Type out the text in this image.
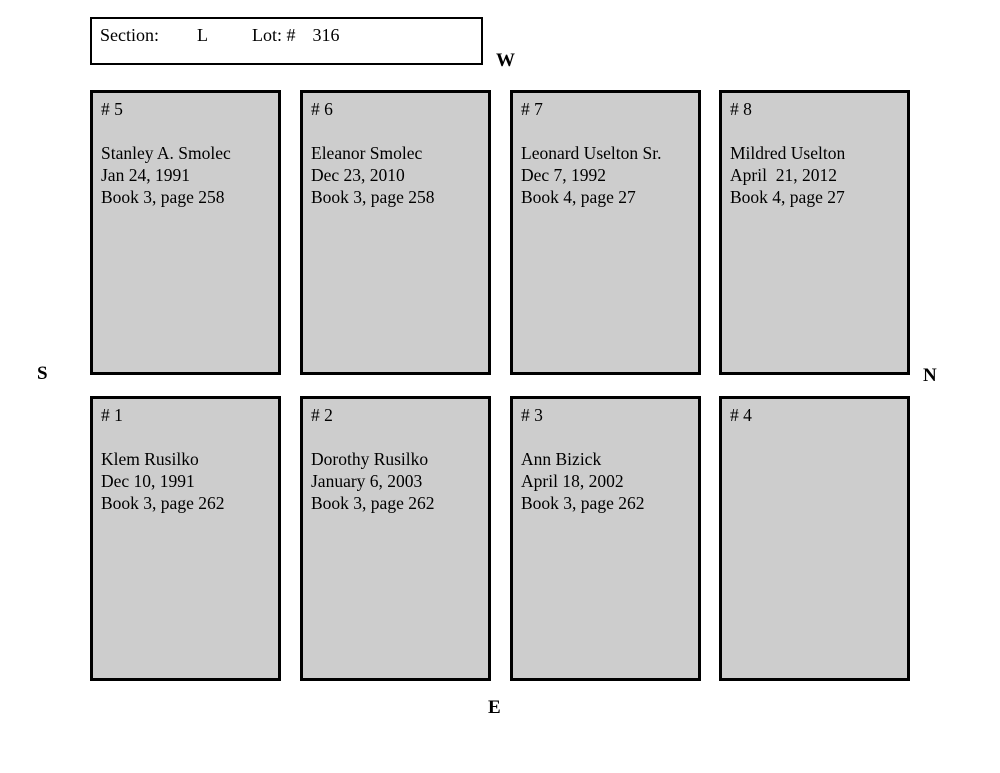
Section: L Lot: # 316
W
S	N
E
# 5
Stanley A. Smolec
Jan 24, 1991
Book 3, page 258
# 6
Eleanor Smolec
Dec 23, 2010
Book 3, page 258
# 7
Leonard Uselton Sr.
Dec 7, 1992
Book 4, page 27
# 8
Mildred Uselton
April  21, 2012
Book 4, page 27
# 1
Klem Rusilko
Dec 10, 1991
Book 3, page 262
# 2
Dorothy Rusilko
January 6, 2003
Book 3, page 262
# 3
Ann Bizick
April 18, 2002
Book 3, page 262
# 4
